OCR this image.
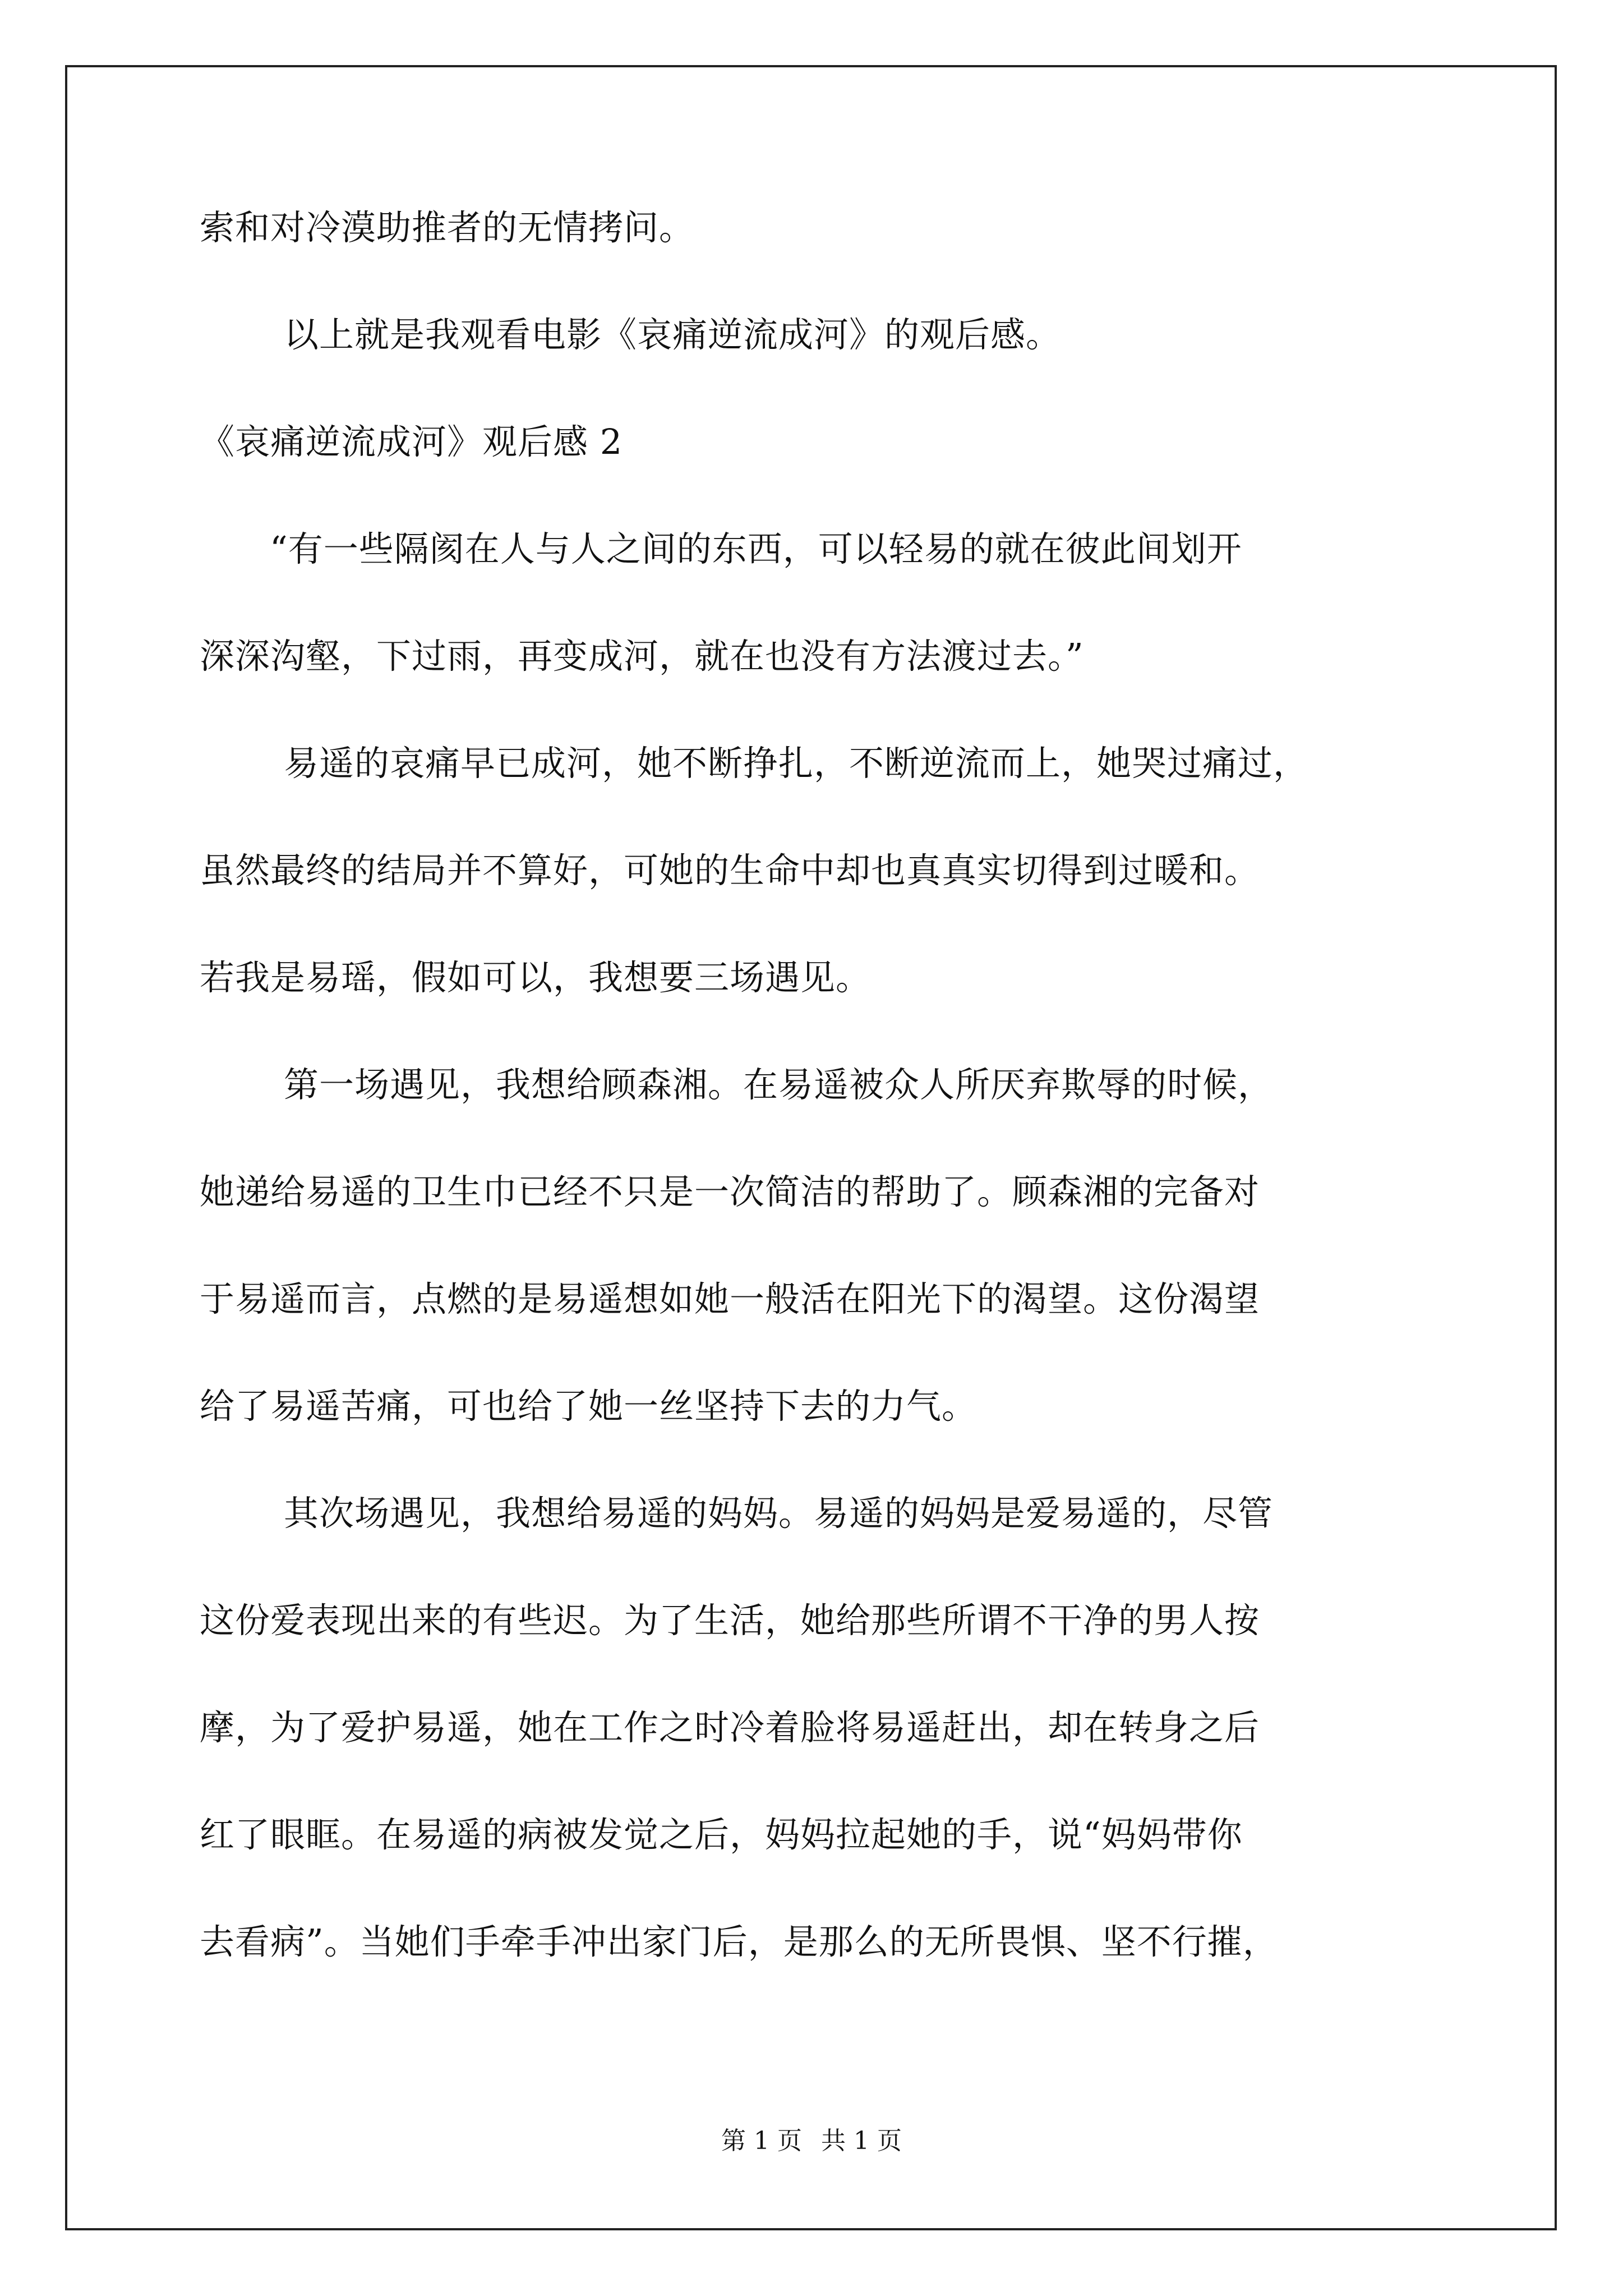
索和对冷漠助推者的无情拷问。

以上就是我观看电影《哀痛逆流成河》的观后感。

《哀痛逆流成河》观后感 2

“有一些隔阂在人与人之间的东西，可以轻易的就在彼此间划开

深深沟壑，下过雨，再变成河，就在也没有方法渡过去。”

易遥的哀痛早已成河，她不断挣扎，不断逆流而上，她哭过痛过，

虽然最终的结局并不算好，可她的生命中却也真真实切得到过暖和。

若我是易瑶，假如可以，我想要三场遇见。

第一场遇见，我想给顾森湘。在易遥被众人所厌弃欺辱的时候，

她递给易遥的卫生巾已经不只是一次简洁的帮助了。顾森湘的完备对

于易遥而言，点燃的是易遥想如她一般活在阳光下的渴望。这份渴望

给了易遥苦痛，可也给了她一丝坚持下去的力气。

其次场遇见，我想给易遥的妈妈。易遥的妈妈是爱易遥的，尽管

这份爱表现出来的有些迟。为了生活，她给那些所谓不干净的男人按

摩，为了爱护易遥，她在工作之时冷着脸将易遥赶出，却在转身之后

红了眼眶。在易遥的病被发觉之后，妈妈拉起她的手，说“妈妈带你

去看病”。当她们手牵手冲出家门后，是那么的无所畏惧、坚不行摧，

第 1 页 共 1 页
